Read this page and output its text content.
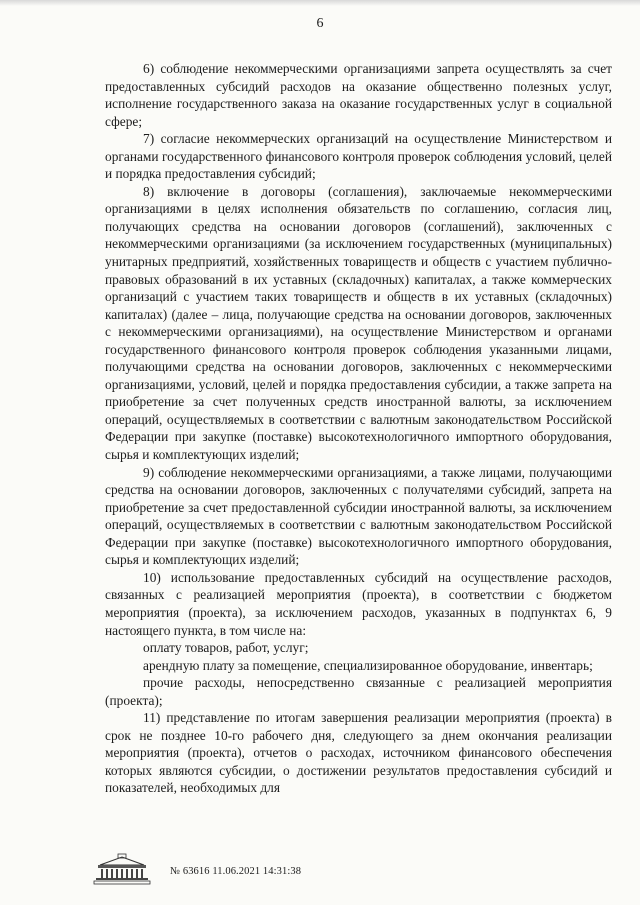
6

6) соблюдение некоммерческими организациями запрета осуществлять за счет предоставленных субсидий расходов на оказание общественно полезных услуг, исполнение государственного заказа на оказание государственных услуг в социальной сфере;

7) согласие некоммерческих организаций на осуществление Министерством и органами государственного финансового контроля проверок соблюдения условий, целей и порядка предоставления субсидий;

8) включение в договоры (соглашения), заключаемые некоммерческими организациями в целях исполнения обязательств по соглашению, согласия лиц, получающих средства на основании договоров (соглашений), заключенных с некоммерческими организациями (за исключением государственных (муниципальных) унитарных предприятий, хозяйственных товариществ и обществ с участием публично-правовых образований в их уставных (складочных) капиталах, а также коммерческих организаций с участием таких товариществ и обществ в их уставных (складочных) капиталах) (далее – лица, получающие средства на основании договоров, заключенных с некоммерческими организациями), на осуществление Министерством и органами государственного финансового контроля проверок соблюдения указанными лицами, получающими средства на основании договоров, заключенных с некоммерческими организациями, условий, целей и порядка предоставления субсидии, а также запрета на приобретение за счет полученных средств иностранной валюты, за исключением операций, осуществляемых в соответствии с валютным законодательством Российской Федерации при закупке (поставке) высокотехнологичного импортного оборудования, сырья и комплектующих изделий;

9) соблюдение некоммерческими организациями, а также лицами, получающими средства на основании договоров, заключенных с получателями субсидий, запрета на приобретение за счет предоставленной субсидии иностранной валюты, за исключением операций, осуществляемых в соответствии с валютным законодательством Российской Федерации при закупке (поставке) высокотехнологичного импортного оборудования, сырья и комплектующих изделий;

10) использование предоставленных субсидий на осуществление расходов, связанных с реализацией мероприятия (проекта), в соответствии с бюджетом мероприятия (проекта), за исключением расходов, указанных в подпунктах 6, 9 настоящего пункта, в том числе на:

оплату товаров, работ, услуг;

арендную плату за помещение, специализированное оборудование, инвентарь;

прочие расходы, непосредственно связанные с реализацией мероприятия (проекта);

11) представление по итогам завершения реализации мероприятия (проекта) в срок не позднее 10-го рабочего дня, следующего за днем окончания реализации мероприятия (проекта), отчетов о расходах, источником финансового обеспечения которых являются субсидии, о достижении результатов предоставления субсидий и показателей, необходимых для

№ 63616 11.06.2021 14:31:38
